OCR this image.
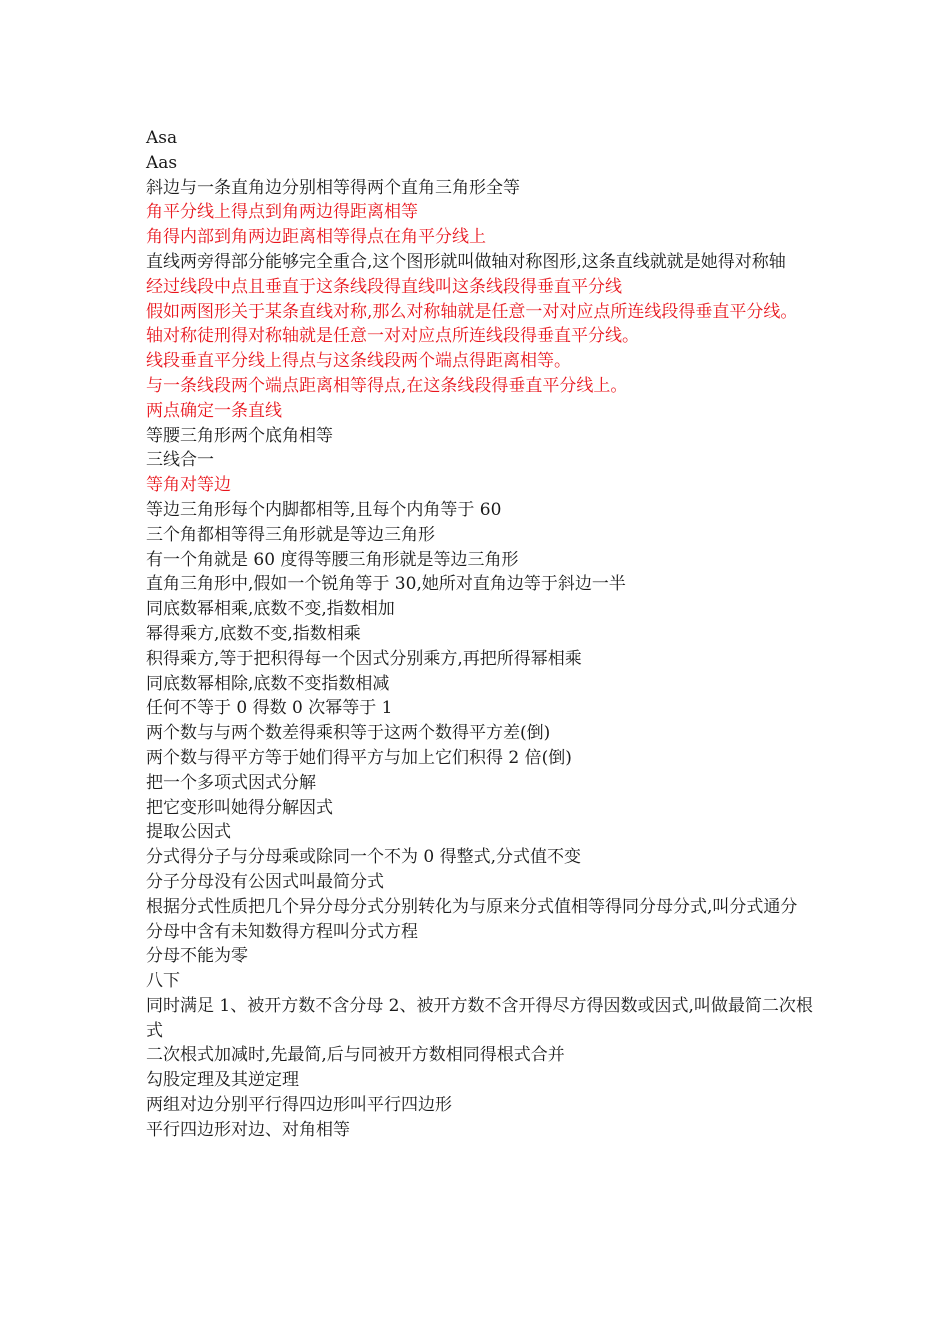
Asa

Aas

斜边与一条直角边分别相等得两个直角三角形全等

角平分线上得点到角两边得距离相等

角得内部到角两边距离相等得点在角平分线上

直线两旁得部分能够完全重合,这个图形就叫做轴对称图形,这条直线就就是她得对称轴

经过线段中点且垂直于这条线段得直线叫这条线段得垂直平分线

假如两图形关于某条直线对称,那么对称轴就是任意一对对应点所连线段得垂直平分线。

轴对称徒刑得对称轴就是任意一对对应点所连线段得垂直平分线。

线段垂直平分线上得点与这条线段两个端点得距离相等。

与一条线段两个端点距离相等得点,在这条线段得垂直平分线上。

两点确定一条直线

等腰三角形两个底角相等

三线合一

等角对等边

等边三角形每个内脚都相等,且每个内角等于 60

三个角都相等得三角形就是等边三角形

有一个角就是 60 度得等腰三角形就是等边三角形

直角三角形中,假如一个锐角等于 30,她所对直角边等于斜边一半

同底数幂相乘,底数不变,指数相加

幂得乘方,底数不变,指数相乘

积得乘方,等于把积得每一个因式分别乘方,再把所得幂相乘

同底数幂相除,底数不变指数相减

任何不等于 0 得数 0 次幂等于 1

两个数与与两个数差得乘积等于这两个数得平方差(倒)

两个数与得平方等于她们得平方与加上它们积得 2 倍(倒)

把一个多项式因式分解

把它变形叫她得分解因式

提取公因式

分式得分子与分母乘或除同一个不为 0 得整式,分式值不变

分子分母没有公因式叫最简分式

根据分式性质把几个异分母分式分别转化为与原来分式值相等得同分母分式,叫分式通分

分母中含有未知数得方程叫分式方程

分母不能为零

八下

同时满足 1、被开方数不含分母 2、被开方数不含开得尽方得因数或因式,叫做最简二次根式

二次根式加减时,先最简,后与同被开方数相同得根式合并

勾股定理及其逆定理

两组对边分别平行得四边形叫平行四边形

平行四边形对边、对角相等
